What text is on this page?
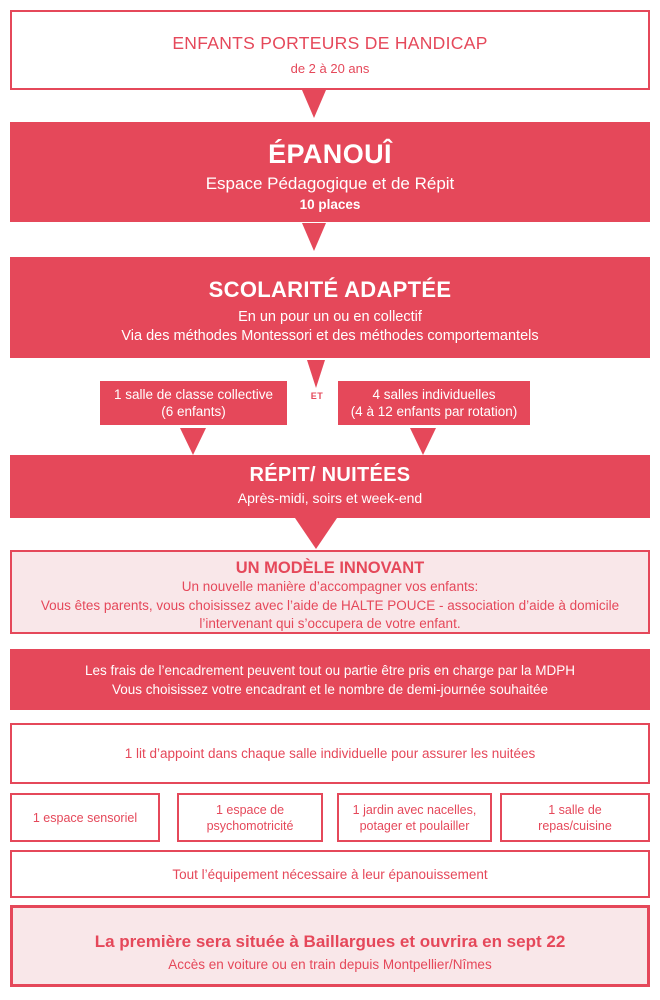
ENFANTS PORTEURS DE HANDICAP
de 2 à 20 ans
ÉPANOUÎ
Espace Pédagogique et de Répit
10 places
SCOLARITÉ ADAPTÉE
En un pour un ou en collectif
Via des méthodes Montessori et des méthodes comportemantels
ET
1 salle de classe collective
(6 enfants)
4 salles individuelles
(4 à 12 enfants par rotation)
RÉPIT/ NUITÉES
Après-midi, soirs et week-end
UN MODÈLE INNOVANT
Un nouvelle manière d’accompagner vos enfants:
Vous êtes parents, vous choisissez avec l’aide de HALTE POUCE - association d’aide à domicile
l’intervenant qui s’occupera de votre enfant.
Les frais de l’encadrement peuvent tout ou partie être pris en charge par la MDPH
Vous choisissez votre encadrant et le nombre de demi-journée souhaitée
1 lit d’appoint dans chaque salle individuelle pour assurer les nuitées
1 espace sensoriel
1 espace de
psychomotricité
1 jardin avec nacelles,
potager et poulailler
1 salle de
repas/cuisine
Tout l’équipement nécessaire à leur épanouissement
La première sera située à Baillargues et ouvrira en sept 22
Accès en voiture ou en train depuis Montpellier/Nîmes
